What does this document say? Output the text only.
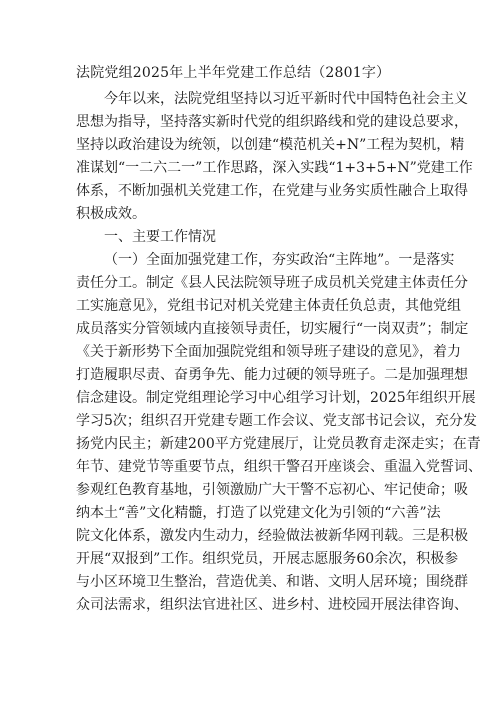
法院党组2025年上半年党建工作总结（2801字）
今年以来，法院党组坚持以习近平新时代中国特色社会主义
思想为指导，坚持落实新时代党的组织路线和党的建设总要求，
坚持以政治建设为统领，以创建“模范机关+N”工程为契机，精
准谋划“一二六二一”工作思路，深入实践“1+3+5+N”党建工作
体系，不断加强机关党建工作，在党建与业务实质性融合上取得
积极成效。
一、主要工作情况
（一）全面加强党建工作，夯实政治“主阵地”。一是落实
责任分工。制定《县人民法院领导班子成员机关党建主体责任分
工实施意见》，党组书记对机关党建主体责任负总责，其他党组
成员落实分管领域内直接领导责任，切实履行“一岗双责”；制定
《关于新形势下全面加强院党组和领导班子建设的意见》，着力
打造履职尽责、奋勇争先、能力过硬的领导班子。二是加强理想
信念建设。制定党组理论学习中心组学习计划，2025年组织开展
学习5次；组织召开党建专题工作会议、党支部书记会议，充分发
扬党内民主；新建200平方党建展厅，让党员教育走深走实；在青
年节、建党节等重要节点，组织干警召开座谈会、重温入党誓词、
参观红色教育基地，引领激励广大干警不忘初心、牢记使命；吸
纳本土“善”文化精髓，打造了以党建文化为引领的“六善”法
院文化体系，激发内生动力，经验做法被新华网刊载。三是积极
开展“双报到”工作。组织党员，开展志愿服务60余次，积极参
与小区环境卫生整治，营造优美、和谐、文明人居环境；围绕群
众司法需求，组织法官进社区、进乡村、进校园开展法律咨询、
